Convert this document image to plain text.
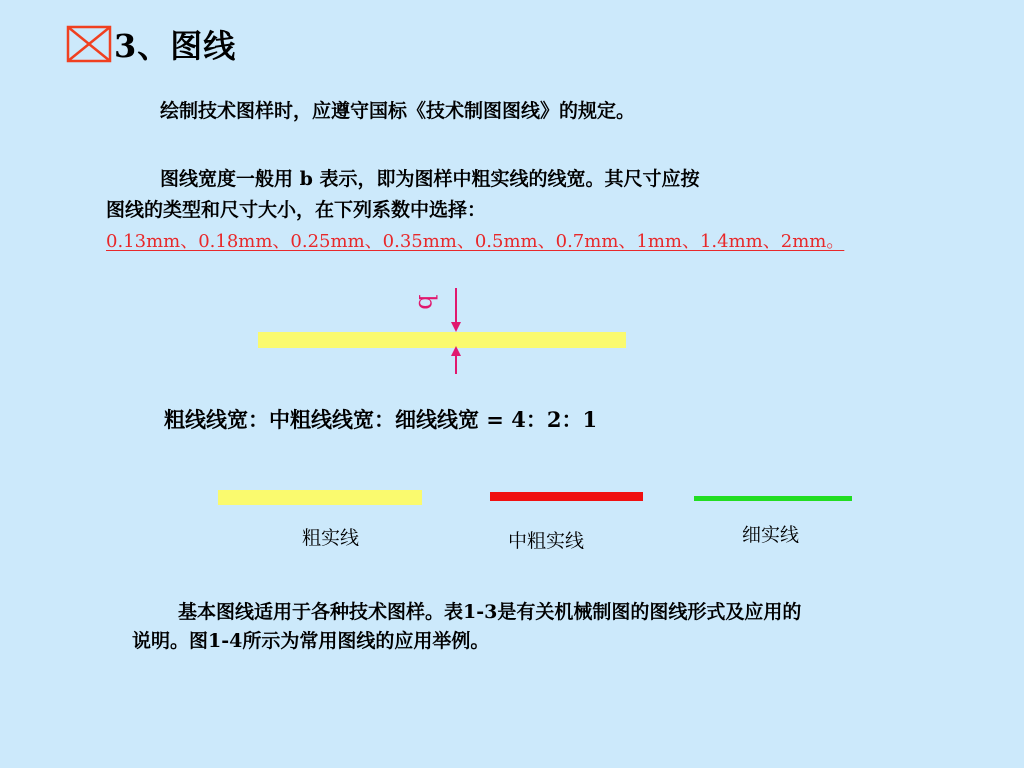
3、图线
绘制技术图样时，应遵守国标《技术制图图线》的规定。
图线宽度一般用 b 表示，即为图样中粗实线的线宽。其尺寸应按
图线的类型和尺寸大小，在下列系数中选择：
0.13mm、0.18mm、0.25mm、0.35mm、0.5mm、0.7mm、1mm、1.4mm、2mm。
b
粗线线宽：中粗线线宽：细线线宽 = 4：2：1
粗实线	中粗实线	细实线
基本图线适用于各种技术图样。表1-3是有关机械制图的图线形式及应用的
说明。图1-4所示为常用图线的应用举例。
